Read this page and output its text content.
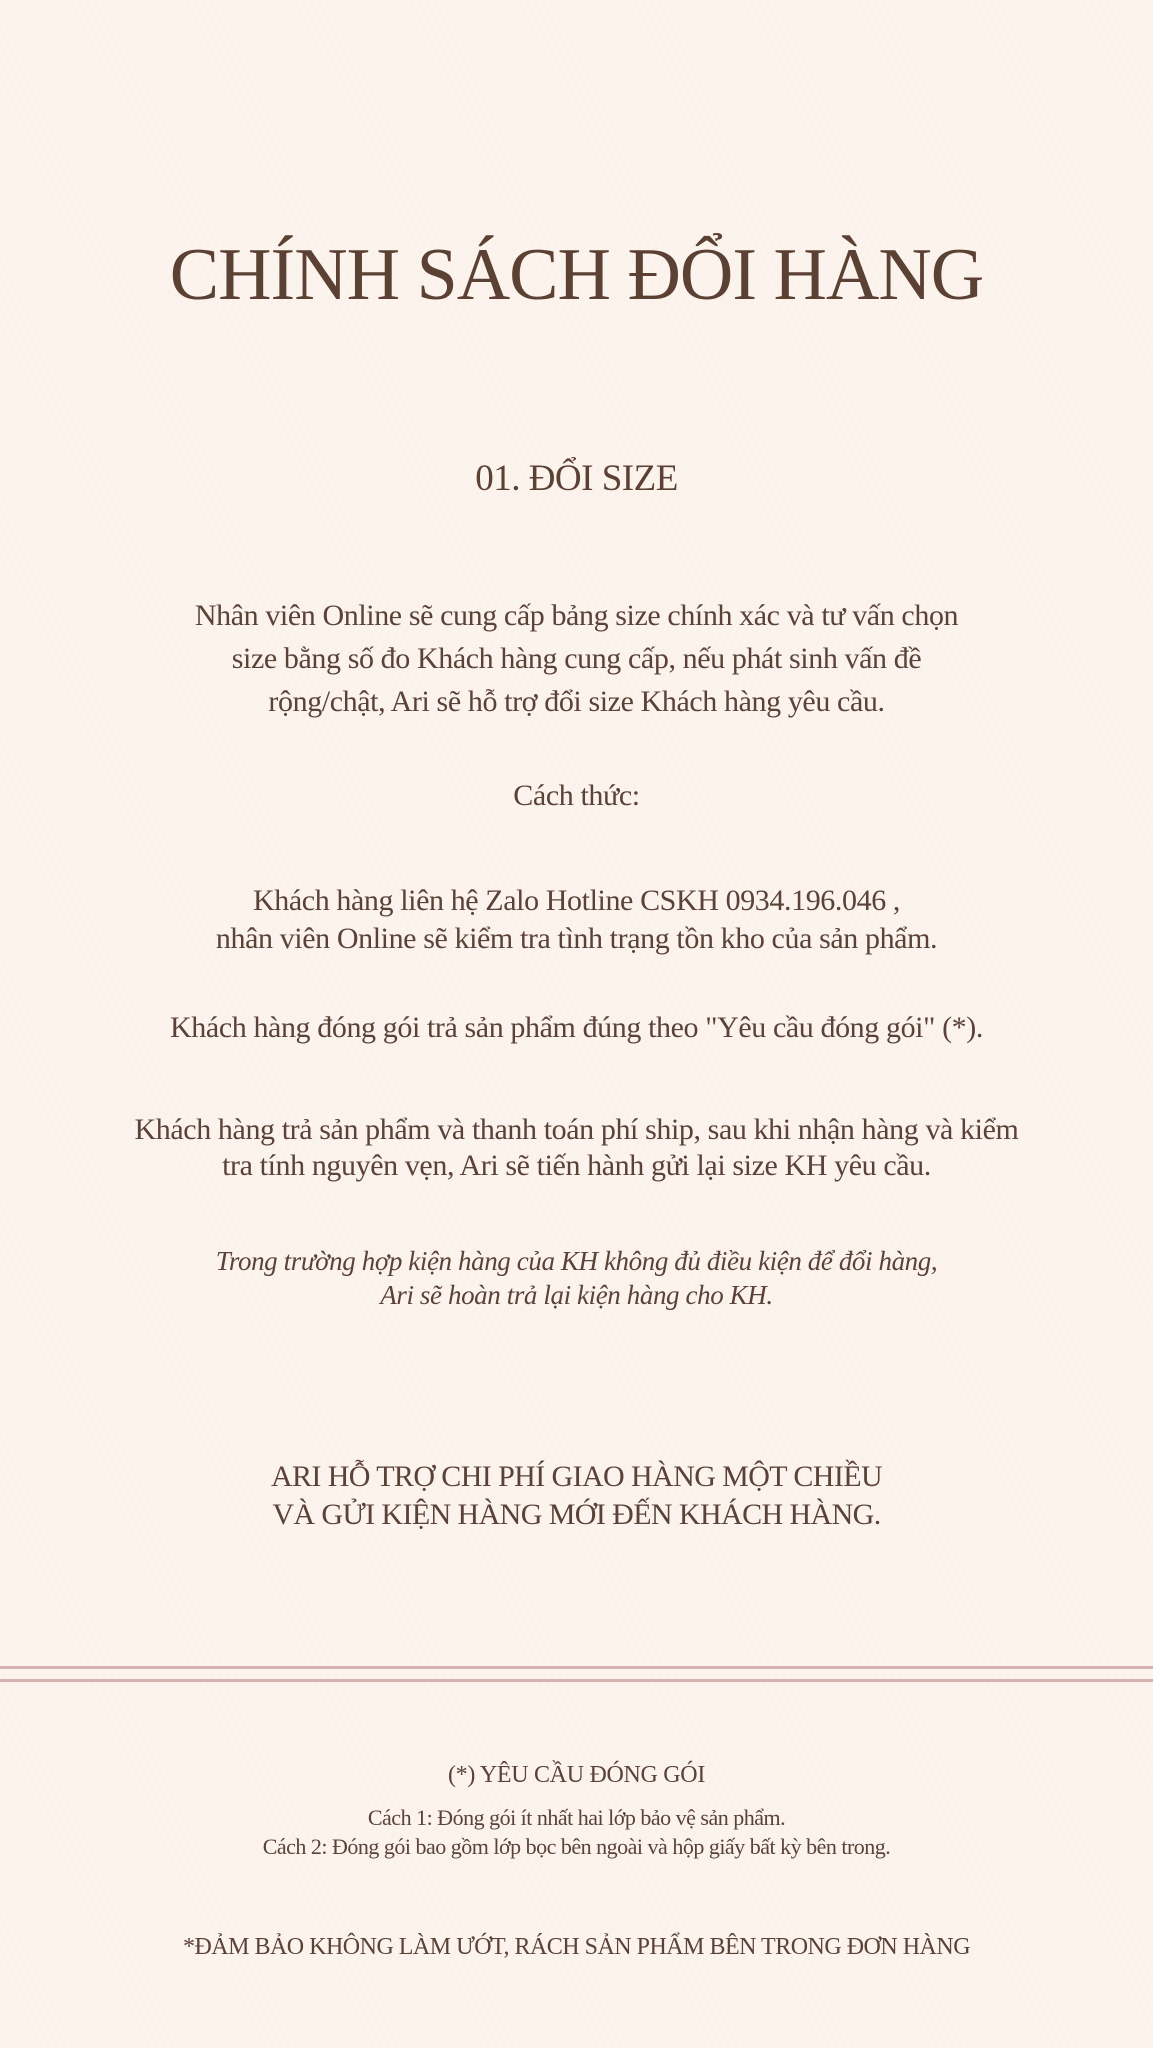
CHÍNH SÁCH ĐỔI HÀNG
01. ĐỔI SIZE
Nhân viên Online sẽ cung cấp bảng size chính xác và tư vấn chọn
size bằng số đo Khách hàng cung cấp, nếu phát sinh vấn đề
rộng/chật, Ari sẽ hỗ trợ đổi size Khách hàng yêu cầu.
Cách thức:
Khách hàng liên hệ Zalo Hotline CSKH 0934.196.046 ,
nhân viên Online sẽ kiểm tra tình trạng tồn kho của sản phẩm.
Khách hàng đóng gói trả sản phẩm đúng theo "Yêu cầu đóng gói" (*).
Khách hàng trả sản phẩm và thanh toán phí ship, sau khi nhận hàng và kiểm
tra tính nguyên vẹn, Ari sẽ tiến hành gửi lại size KH yêu cầu.
Trong trường hợp kiện hàng của KH không đủ điều kiện để đổi hàng,
Ari sẽ hoàn trả lại kiện hàng cho KH.
ARI HỖ TRỢ CHI PHÍ GIAO HÀNG MỘT CHIỀU
VÀ GỬI KIỆN HÀNG MỚI ĐẾN KHÁCH HÀNG.
(*) YÊU CẦU ĐÓNG GÓI
Cách 1: Đóng gói ít nhất hai lớp bảo vệ sản phẩm.
Cách 2: Đóng gói bao gồm lớp bọc bên ngoài và hộp giấy bất kỳ bên trong.
*ĐẢM BẢO KHÔNG LÀM ƯỚT, RÁCH SẢN PHẨM BÊN TRONG ĐƠN HÀNG
